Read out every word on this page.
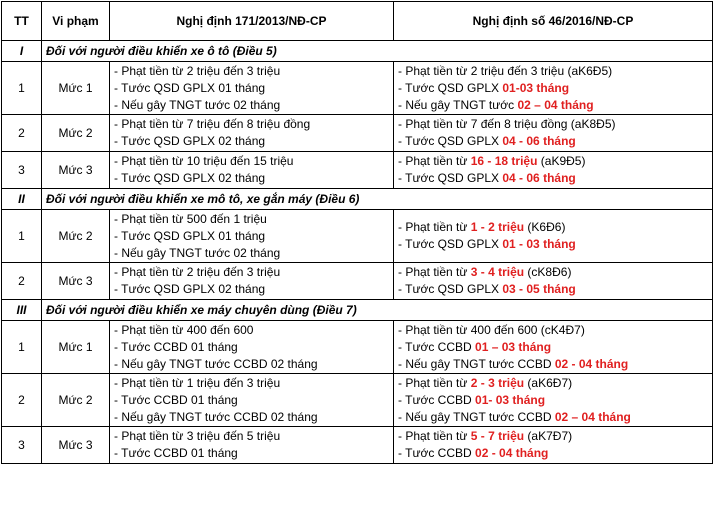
TT	Vi phạm	Nghị định 171/2013/NĐ-CP	Nghị định số 46/2016/NĐ-CP
I	Đối với người điều khiển xe ô tô (Điều 5)		
1	Mức 1	- Phạt tiền từ 2 triệu đến 3 triệu
- Tước QSD GPLX 01 tháng
- Nếu gây TNGT tước 02 tháng	- Phạt tiền từ 2 triệu đến 3 triệu (aK6Đ5)
- Tước QSD GPLX 01-03 tháng
- Nếu gây TNGT tước 02 – 04 tháng

2	Mức 2	- Phạt tiền từ 7 triệu đến 8 triệu đồng
- Tước QSD GPLX 02 tháng	- Phạt tiền từ 7 đến 8 triệu đồng (aK8Đ5)
- Tước QSD GPLX 04 - 06 tháng

3	Mức 3	- Phạt tiền từ 10 triệu đến 15 triệu
- Tước QSD GPLX 02 tháng	- Phạt tiền từ 16 - 18 triệu (aK9Đ5)
- Tước QSD GPLX 04 - 06 tháng

II	Đối với người điều khiển xe mô tô, xe gắn máy (Điều 6)		
1	Mức 2	- Phạt tiền từ 500 đến 1 triệu
- Tước QSD GPLX 01 tháng
- Nếu gây TNGT tước 02 tháng	- Phạt tiền từ 1 - 2 triệu (K6Đ6)
- Tước QSD GPLX 01 - 03 tháng

2	Mức 3	- Phạt tiền từ 2 triệu đến 3 triệu
- Tước QSD GPLX 02 tháng	- Phạt tiền từ 3 - 4 triệu (cK8Đ6)
- Tước QSD GPLX 03 - 05 tháng

III	Đối với người điều khiển xe máy chuyên dùng (Điều 7)		
1	Mức 1	- Phạt tiền từ 400 đến 600
- Tước CCBD 01 tháng
- Nếu gây TNGT tước CCBD 02 tháng	- Phạt tiền từ 400 đến 600 (cK4Đ7)
- Tước CCBD 01 – 03 tháng
- Nếu gây TNGT tước CCBD 02 - 04 tháng

2	Mức 2	- Phạt tiền từ 1 triệu đến 3 triệu
- Tước CCBD 01 tháng
- Nếu gây TNGT tước CCBD 02 tháng	- Phạt tiền từ 2 - 3 triệu (aK6Đ7)
- Tước CCBD 01- 03 tháng
- Nếu gây TNGT tước CCBD 02 – 04 tháng

3	Mức 3	- Phạt tiền từ 3 triệu đến 5 triệu
- Tước CCBD 01 tháng	- Phạt tiền từ 5 - 7 triệu (aK7Đ7)
- Tước CCBD 02 - 04 tháng
